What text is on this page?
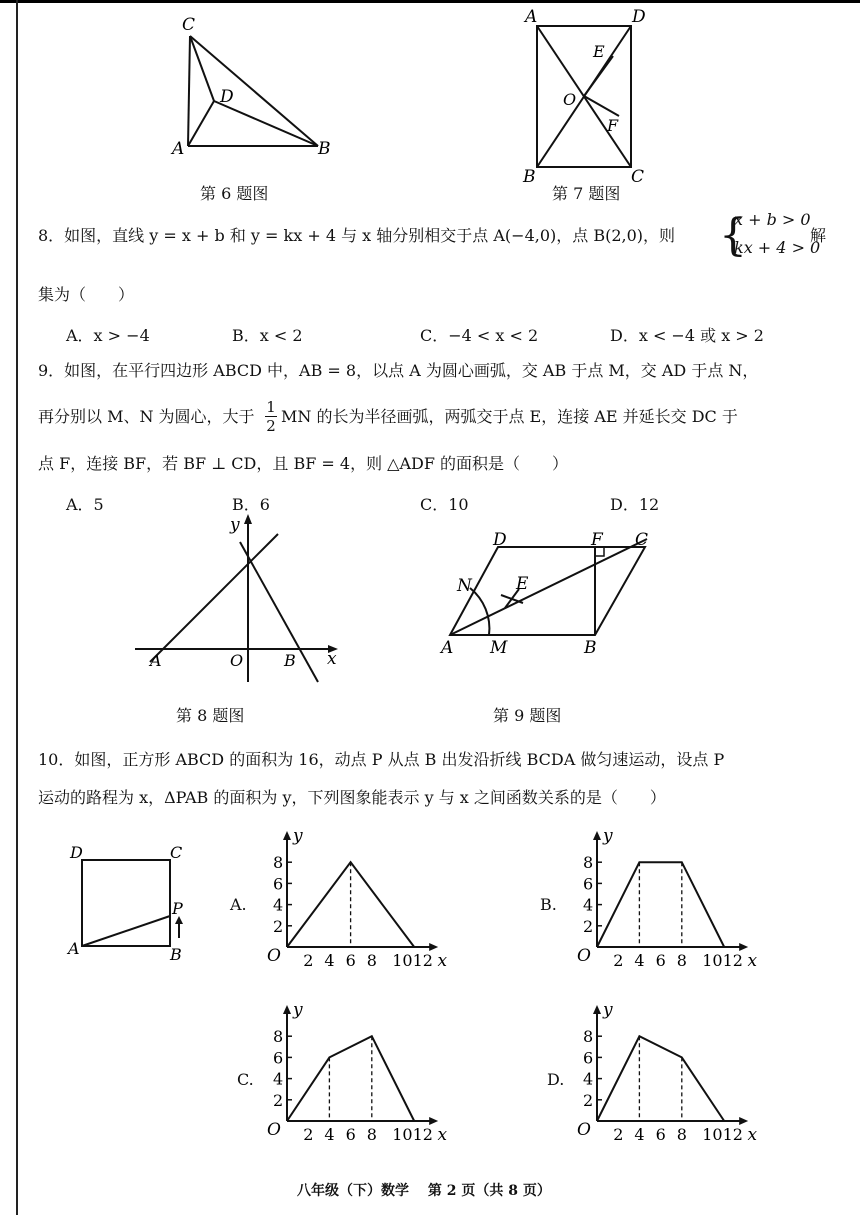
C
D
A	B
第 6 题图
A	D
E
O
F
B	C
第 7 题图
8．如图，直线 y = x + b 和 y = kx + 4 与 x 轴分别相交于点 A(−4,0)，点 B(2,0)，则 {
x + b > 0
kx + 4 > 0
解
集为（　　）
A．x > −4	B．x < 2	C．−4 < x < 2	D．x < −4 或 x > 2
9．如图，在平行四边形 ABCD 中，AB = 8，以点 A 为圆心画弧，交 AB 于点 M，交 AD 于点 N，
再分别以 M、N 为圆心，大于 1
2 MN 的长为半径画弧，两弧交于点 E，连接 AE 并延长交 DC 于
点 F，连接 BF，若 BF ⊥ CD，且 BF = 4，则 △ADF 的面积是（　　）
A．5	B．6	C．10	D．12
y
A	O	B x
第 8 题图
D	F C
N	E
A M	B
第 9 题图
10．如图，正方形 ABCD 的面积为 16，动点 P 从点 B 出发沿折线 BCDA 做匀速运动，设点 P
运动的路程为 x，ΔPAB 的面积为 y，下列图象能表示 y 与 x 之间函数关系的是（　　）
D	C
P
A	B
A.
2
4
6
8
2 4 6 8 1012
O	x
y
B.
2
4
6
8
2 4 6 8 1012
O	x
y
C.
2
4
6
8
2 4 6 8 1012
O	x
y
D.
2
4
6
8
2 4 6 8 1012
O	x
y
八年级（下）数学　 第 2 页（共 8 页）
